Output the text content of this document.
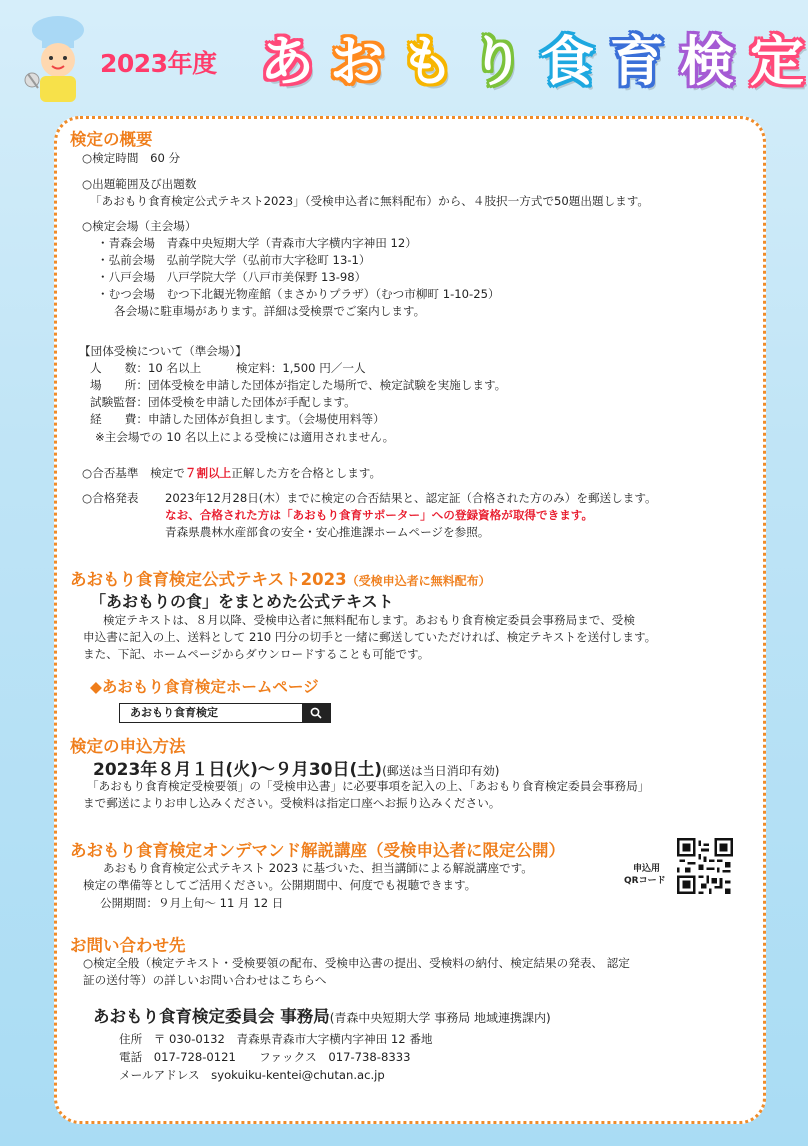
2023年度 あ お も り 食 育 検 定
検定の概要
○検定時間　60 分
○出題範囲及び出題数
「あおもり食育検定公式テキスト2023」（受検申込者に無料配布）から、４肢択一方式で50題出題します。
○検定会場（主会場）
・青森会場　青森中央短期大学（青森市大字横内字神田 12）
・弘前会場　弘前学院大学（弘前市大字稔町 13-1）
・八戸会場　八戸学院大学（八戸市美保野 13-98）
・むつ会場　むつ下北観光物産館（まさかりプラザ）（むつ市柳町 1-10-25）
各会場に駐車場があります。詳細は受検票でご案内します。
【団体受検について（準会場）】
人　　数：10 名以上　　　検定料：1,500 円／一人
場　　所：団体受検を申請した団体が指定した場所で、検定試験を実施します。
試験監督：団体受検を申請した団体が手配します。
経　　費：申請した団体が負担します。（会場使用料等）
※主会場での 10 名以上による受検には適用されません。
○合否基準　検定で７割以上正解した方を合格とします。
○合格発表 2023年12月28日(木）までに検定の合否結果と、認定証（合格された方のみ）を郵送します。
なお、合格された方は「あおもり食育サポーター」への登録資格が取得できます。
青森県農林水産部食の安全・安心推進課ホームページを参照。
あおもり食育検定公式テキスト2023（受検申込者に無料配布）
「あおもりの食」をまとめた公式テキスト
検定テキストは、８月以降、受検申込者に無料配布します。あおもり食育検定委員会事務局まで、受検
申込書に記入の上、送料として 210 円分の切手と一緒に郵送していただければ、検定テキストを送付します。
また、下記、ホームページからダウンロードすることも可能です。
◆あおもり食育検定ホームページ
あおもり食育検定
検定の申込方法
2023年８月１日(火)～９月30日(土)(郵送は当日消印有効)
「あおもり食育検定受検要領」の「受検申込書」に必要事項を記入の上、「あおもり食育検定委員会事務局」
まで郵送によりお申し込みください。受検料は指定口座へお振り込みください。
あおもり食育検定オンデマンド解説講座（受検申込者に限定公開）
あおもり食育検定公式テキスト 2023 に基づいた、担当講師による解説講座です。
検定の準備等としてご活用ください。公開期間中、何度でも視聴できます。
公開期間：９月上旬～ 11 月 12 日
申込用
QRコード
お問い合わせ先
○検定全般（検定テキスト・受検要領の配布、受検申込書の提出、受検料の納付、検定結果の発表、 認定
証の送付等）の詳しいお問い合わせはこちらへ
あおもり食育検定委員会 事務局(青森中央短期大学 事務局 地域連携課内)
住所　〒 030-0132　青森県青森市大字横内字神田 12 番地
電話　017-728-0121　　ファックス　017-738-8333
メールアドレス　syokuiku-kentei@chutan.ac.jp
